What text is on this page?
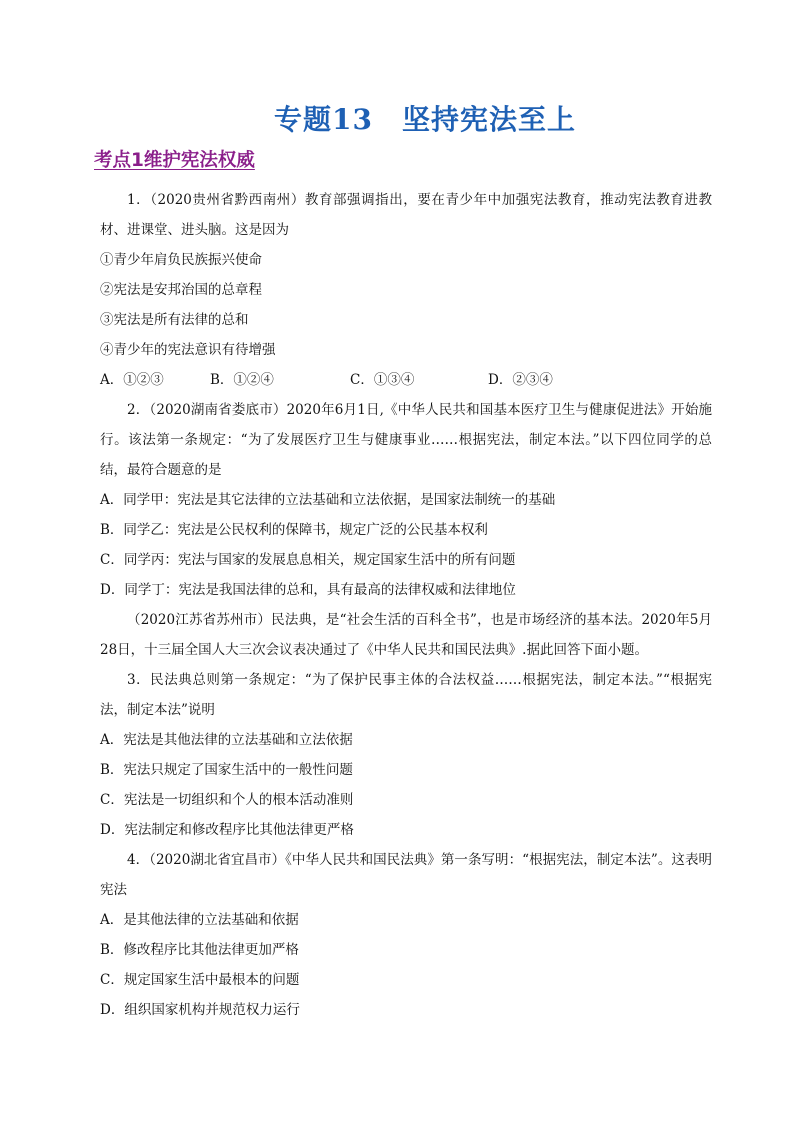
专题13　坚持宪法至上
考点1维护宪法权威

1．（2020贵州省黔西南州）教育部强调指出，要在青少年中加强宪法教育，推动宪法教育进教材、进课堂、进头脑。这是因为

①青少年肩负民族振兴使命

②宪法是安邦治国的总章程

③宪法是所有法律的总和

④青少年的宪法意识有待增强

A．①②③	B．①②④	C．①③④	D．②③④

2．（2020湖南省娄底市）2020年6月1日,《中华人民共和国基本医疗卫生与健康促进法》开始施行。该法第一条规定：“为了发展医疗卫生与健康事业……根据宪法，制定本法。”以下四位同学的总结，最符合题意的是

A．同学甲：宪法是其它法律的立法基础和立法依据，是国家法制统一的基础

B．同学乙：宪法是公民权利的保障书，规定广泛的公民基本权利

C．同学丙：宪法与国家的发展息息相关，规定国家生活中的所有问题

D．同学丁：宪法是我国法律的总和，具有最高的法律权威和法律地位

（2020江苏省苏州市）民法典，是“社会生活的百科全书”，也是市场经济的基本法。2020年5月28日，十三届全国人大三次会议表决通过了《中华人民共和国民法典》.据此回答下面小题。

3．民法典总则第一条规定：“为了保护民事主体的合法权益……根据宪法，制定本法。”“根据宪法，制定本法”说明

A．宪法是其他法律的立法基础和立法依据

B．宪法只规定了国家生活中的一般性问题

C．宪法是一切组织和个人的根本活动准则

D．宪法制定和修改程序比其他法律更严格

4．（2020湖北省宜昌市）《中华人民共和国民法典》第一条写明：“根据宪法，制定本法”。这表明宪法

A．是其他法律的立法基础和依据

B．修改程序比其他法律更加严格

C．规定国家生活中最根本的问题

D．组织国家机构并规范权力运行
